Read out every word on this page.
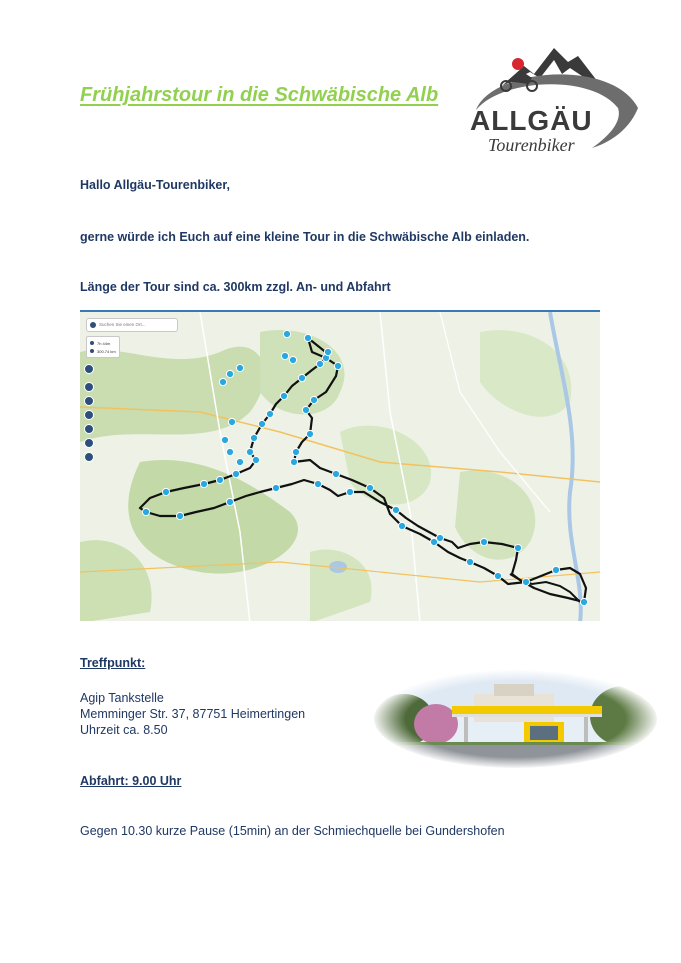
Frühjahrstour in die Schwäbische Alb
ALLGÄU
Tourenbiker
Hallo Allgäu-Tourenbiker,
gerne würde ich Euch auf eine kleine Tour in die Schwäbische Alb einladen.
Länge der Tour sind ca. 300km zzgl. An- und Abfahrt
Suchen Sie einen Ort...
7h 44m
300.74 km
Treffpunkt:
Agip Tankstelle
Memminger Str. 37, 87751 Heimertingen
Uhrzeit ca. 8.50
Abfahrt: 9.00 Uhr
Gegen 10.30 kurze Pause (15min) an der Schmiechquelle bei Gundershofen
